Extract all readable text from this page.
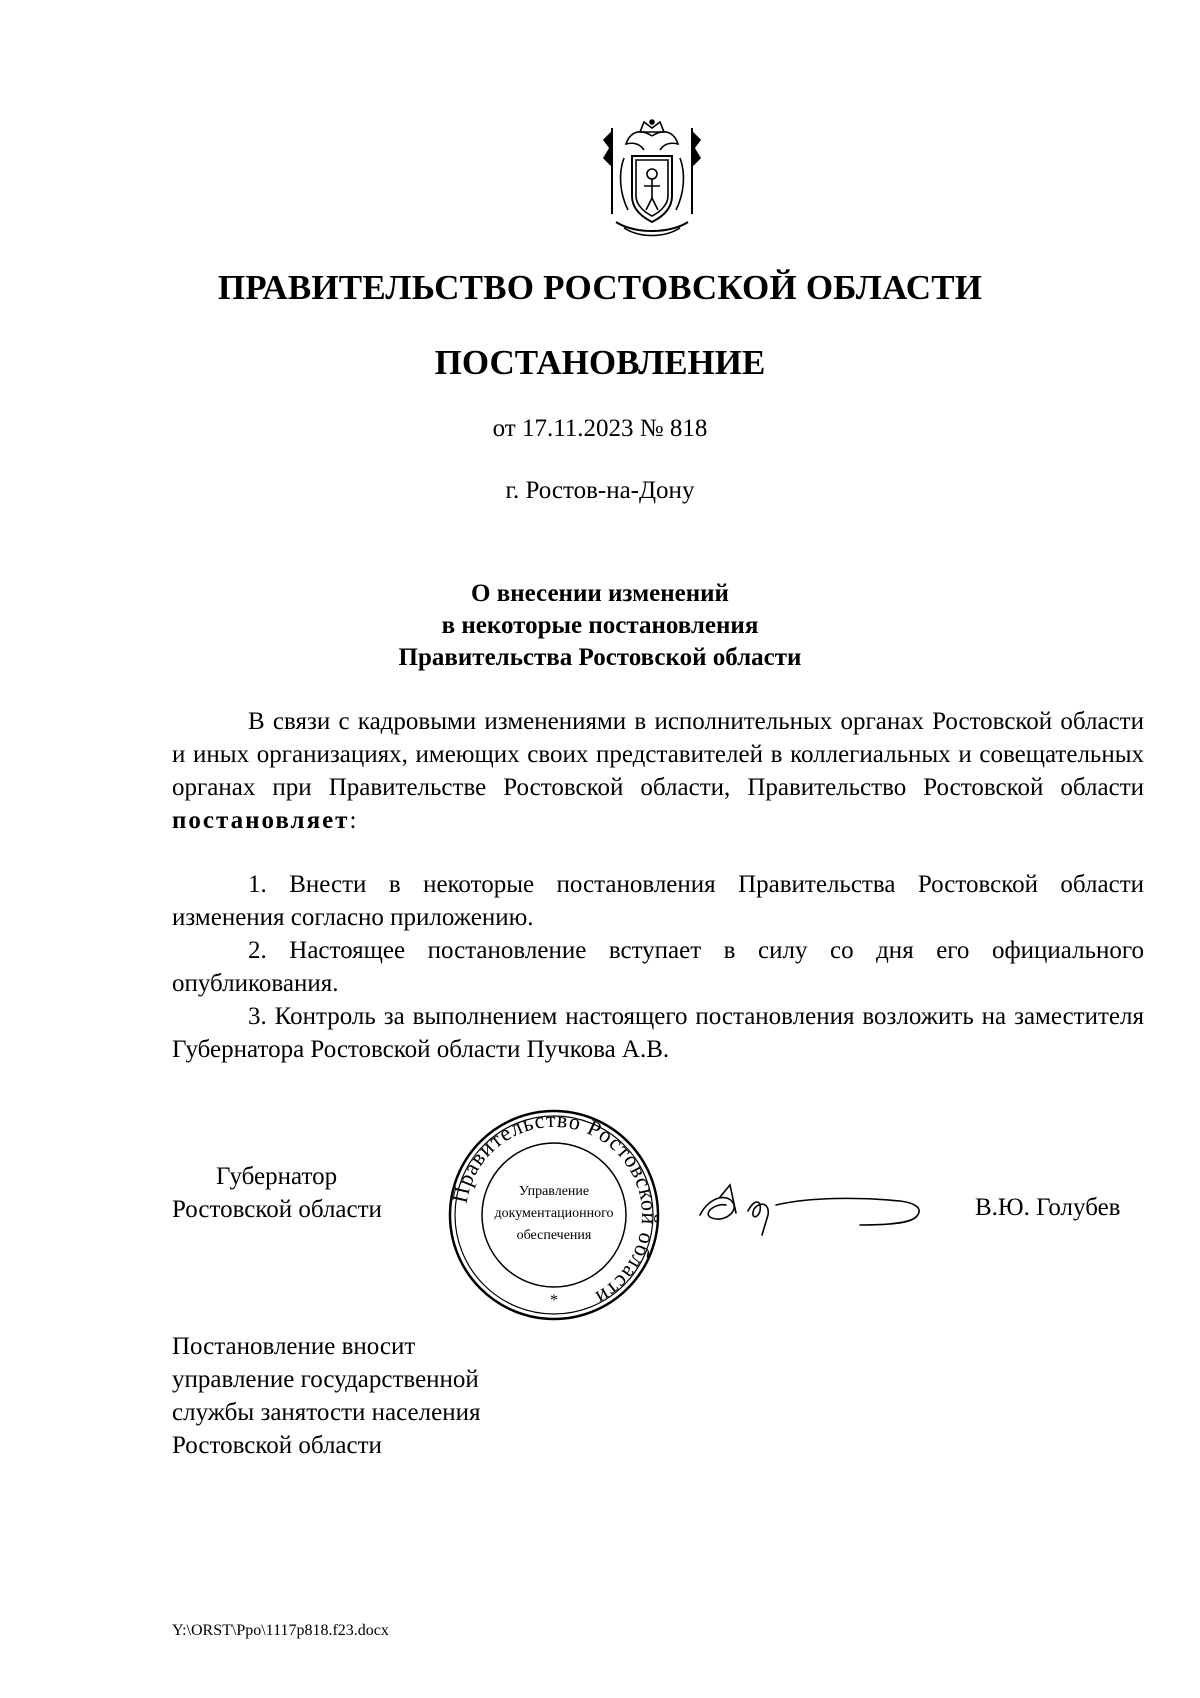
ПРАВИТЕЛЬСТВО РОСТОВСКОЙ ОБЛАСТИ
ПОСТАНОВЛЕНИЕ
от 17.11.2023 № 818
г. Ростов-на-Дону
О внесении изменений
в некоторые постановления
Правительства Ростовской области

В связи с кадровыми изменениями в исполнительных органах Ростовской области и иных организациях, имеющих своих представителей в коллегиальных и совещательных органах при Правительстве Ростовской области, Правительство Ростовской области постановляет:

1. Внести в некоторые постановления Правительства Ростовской области изменения согласно приложению.

2. Настоящее постановление вступает в силу со дня его официального опубликования.

3. Контроль за выполнением настоящего постановления возложить на заместителя Губернатора Ростовской области Пучкова А.В.

Губернатор
Ростовской области
Правительство Ростовской области
Управление
документационного
обеспечения
*
В.Ю. Голубев
Постановление вносит
управление государственной
службы занятости населения
Ростовской области
Y:\ORST\Ppo\1117p818.f23.docx
